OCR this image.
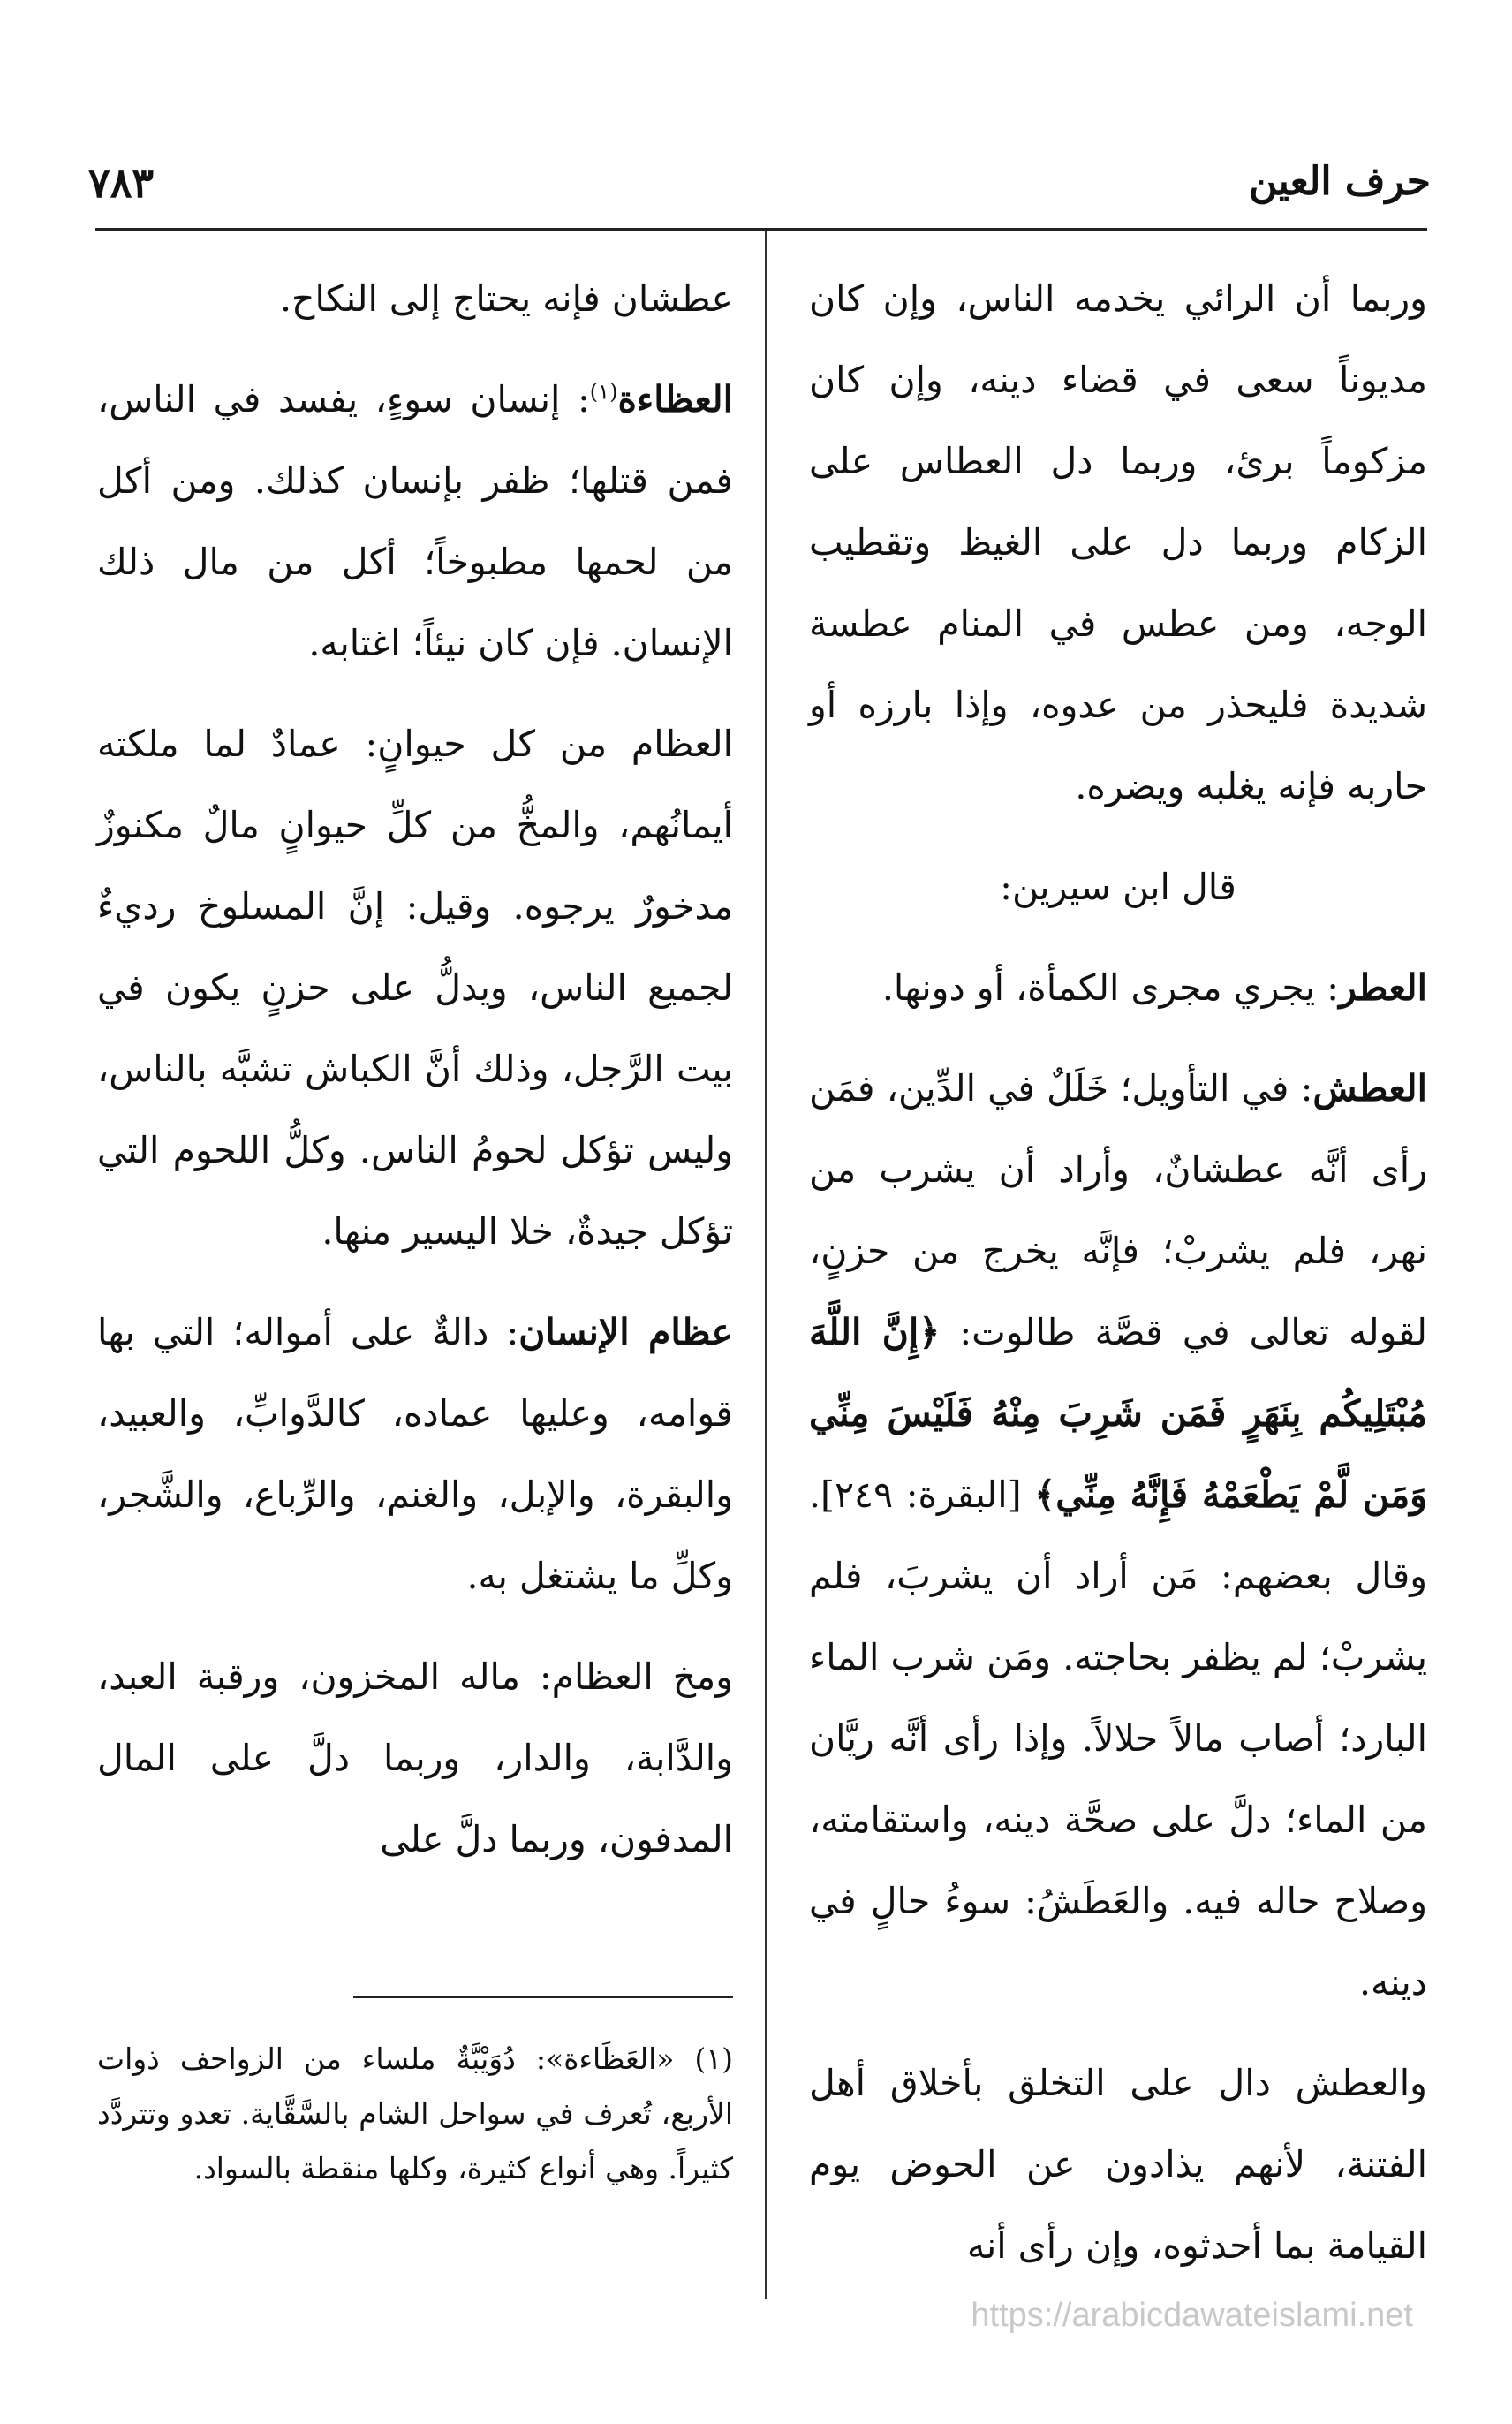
حرف العين
٧٨٣

وربما أن الرائي يخدمه الناس، وإن كان مديوناً سعى في قضاء دينه، وإن كان مزكوماً برئ، وربما دل العطاس على الزكام وربما دل على الغيظ وتقطيب الوجه، ومن عطس في المنام عطسة شديدة فليحذر من عدوه، وإذا بارزه أو حاربه فإنه يغلبه ويضره.

قال ابن سيرين:

العطر: يجري مجرى الكمأة، أو دونها.

العطش: في التأويل؛ خَلَلٌ في الدِّين، فمَن رأى أنَّه عطشانٌ، وأراد أن يشرب من نهر، فلم يشربْ؛ فإنَّه يخرج من حزنٍ، لقوله تعالى في قصَّة طالوت: ﴿إِنَّ اللَّهَ مُبْتَلِيكُم بِنَهَرٍ فَمَن شَرِبَ مِنْهُ فَلَيْسَ مِنِّي وَمَن لَّمْ يَطْعَمْهُ فَإِنَّهُ مِنِّي﴾ [البقرة: ٢٤٩]. وقال بعضهم: مَن أراد أن يشربَ، فلم يشربْ؛ لم يظفر بحاجته. ومَن شرب الماء البارد؛ أصاب مالاً حلالاً. وإذا رأى أنَّه ريَّان من الماء؛ دلَّ على صحَّة دينه، واستقامته، وصلاح حاله فيه. والعَطَشُ: سوءُ حالٍ في دينه.

والعطش دال على التخلق بأخلاق أهل الفتنة، لأنهم يذادون عن الحوض يوم القيامة بما أحدثوه، وإن رأى أنه

عطشان فإنه يحتاج إلى النكاح.

العظاءة$^{(١)}$: إنسان سوءٍ، يفسد في الناس، فمن قتلها؛ ظفر بإنسان كذلك. ومن أكل من لحمها مطبوخاً؛ أكل من مال ذلك الإنسان. فإن كان نيئاً؛ اغتابه.

العظام من كل حيوانٍ: عمادٌ لما ملكته أيمانُهم، والمخُّ من كلِّ حيوانٍ مالٌ مكنوزٌ مدخورٌ يرجوه. وقيل: إنَّ المسلوخ رديءٌ لجميع الناس، ويدلُّ على حزنٍ يكون في بيت الرَّجل، وذلك أنَّ الكباش تشبَّه بالناس، وليس تؤكل لحومُ الناس. وكلُّ اللحوم التي تؤكل جيدةٌ، خلا اليسير منها.

عظام الإنسان: دالةٌ على أمواله؛ التي بها قوامه، وعليها عماده، كالدَّوابِّ، والعبيد، والبقرة، والإبل، والغنم، والرِّباع، والشَّجر، وكلِّ ما يشتغل به.

ومخ العظام: ماله المخزون، ورقبة العبد، والدَّابة، والدار، وربما دلَّ على المال المدفون، وربما دلَّ على

(١) «العَظَاءة»: دُوَيْبَّةٌ ملساء من الزواحف ذوات الأربع، تُعرف في سواحل الشام بالسَّقَّاية. تعدو وتتردَّد كثيراً. وهي أنواع كثيرة، وكلها منقطة بالسواد.
https://arabicdawateislami.net
